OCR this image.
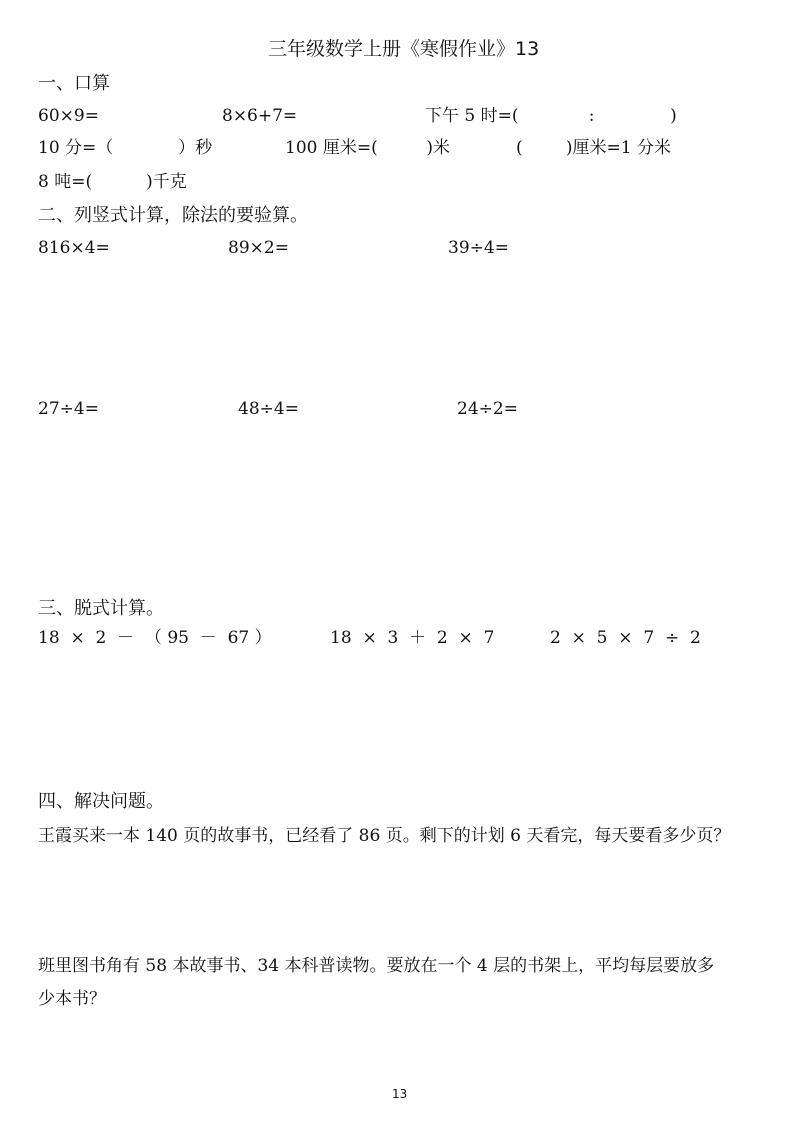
三年级数学上册《寒假作业》13
一、口算
60×9=	8×6+7=	下午 5 时=(             :              )
10 分=（            ）秒	100 厘米=(         )米	(        )厘米=1 分米
8 吨=(          )千克
二、列竖式计算，除法的要验算。
816×4=	89×2=	39÷4=
27÷4=	48÷4=	24÷2=
三、脱式计算。
18  ×  2  －  （ 95  －  67 ）	18  ×  3  ＋  2  ×  7	2  ×  5  ×  7  ÷  2
四、解决问题。
王霞买来一本 140 页的故事书，已经看了 86 页。剩下的计划 6 天看完，每天要看多少页？
班里图书角有 58 本故事书、34 本科普读物。要放在一个 4 层的书架上，平均每层要放多
少本书？
13
